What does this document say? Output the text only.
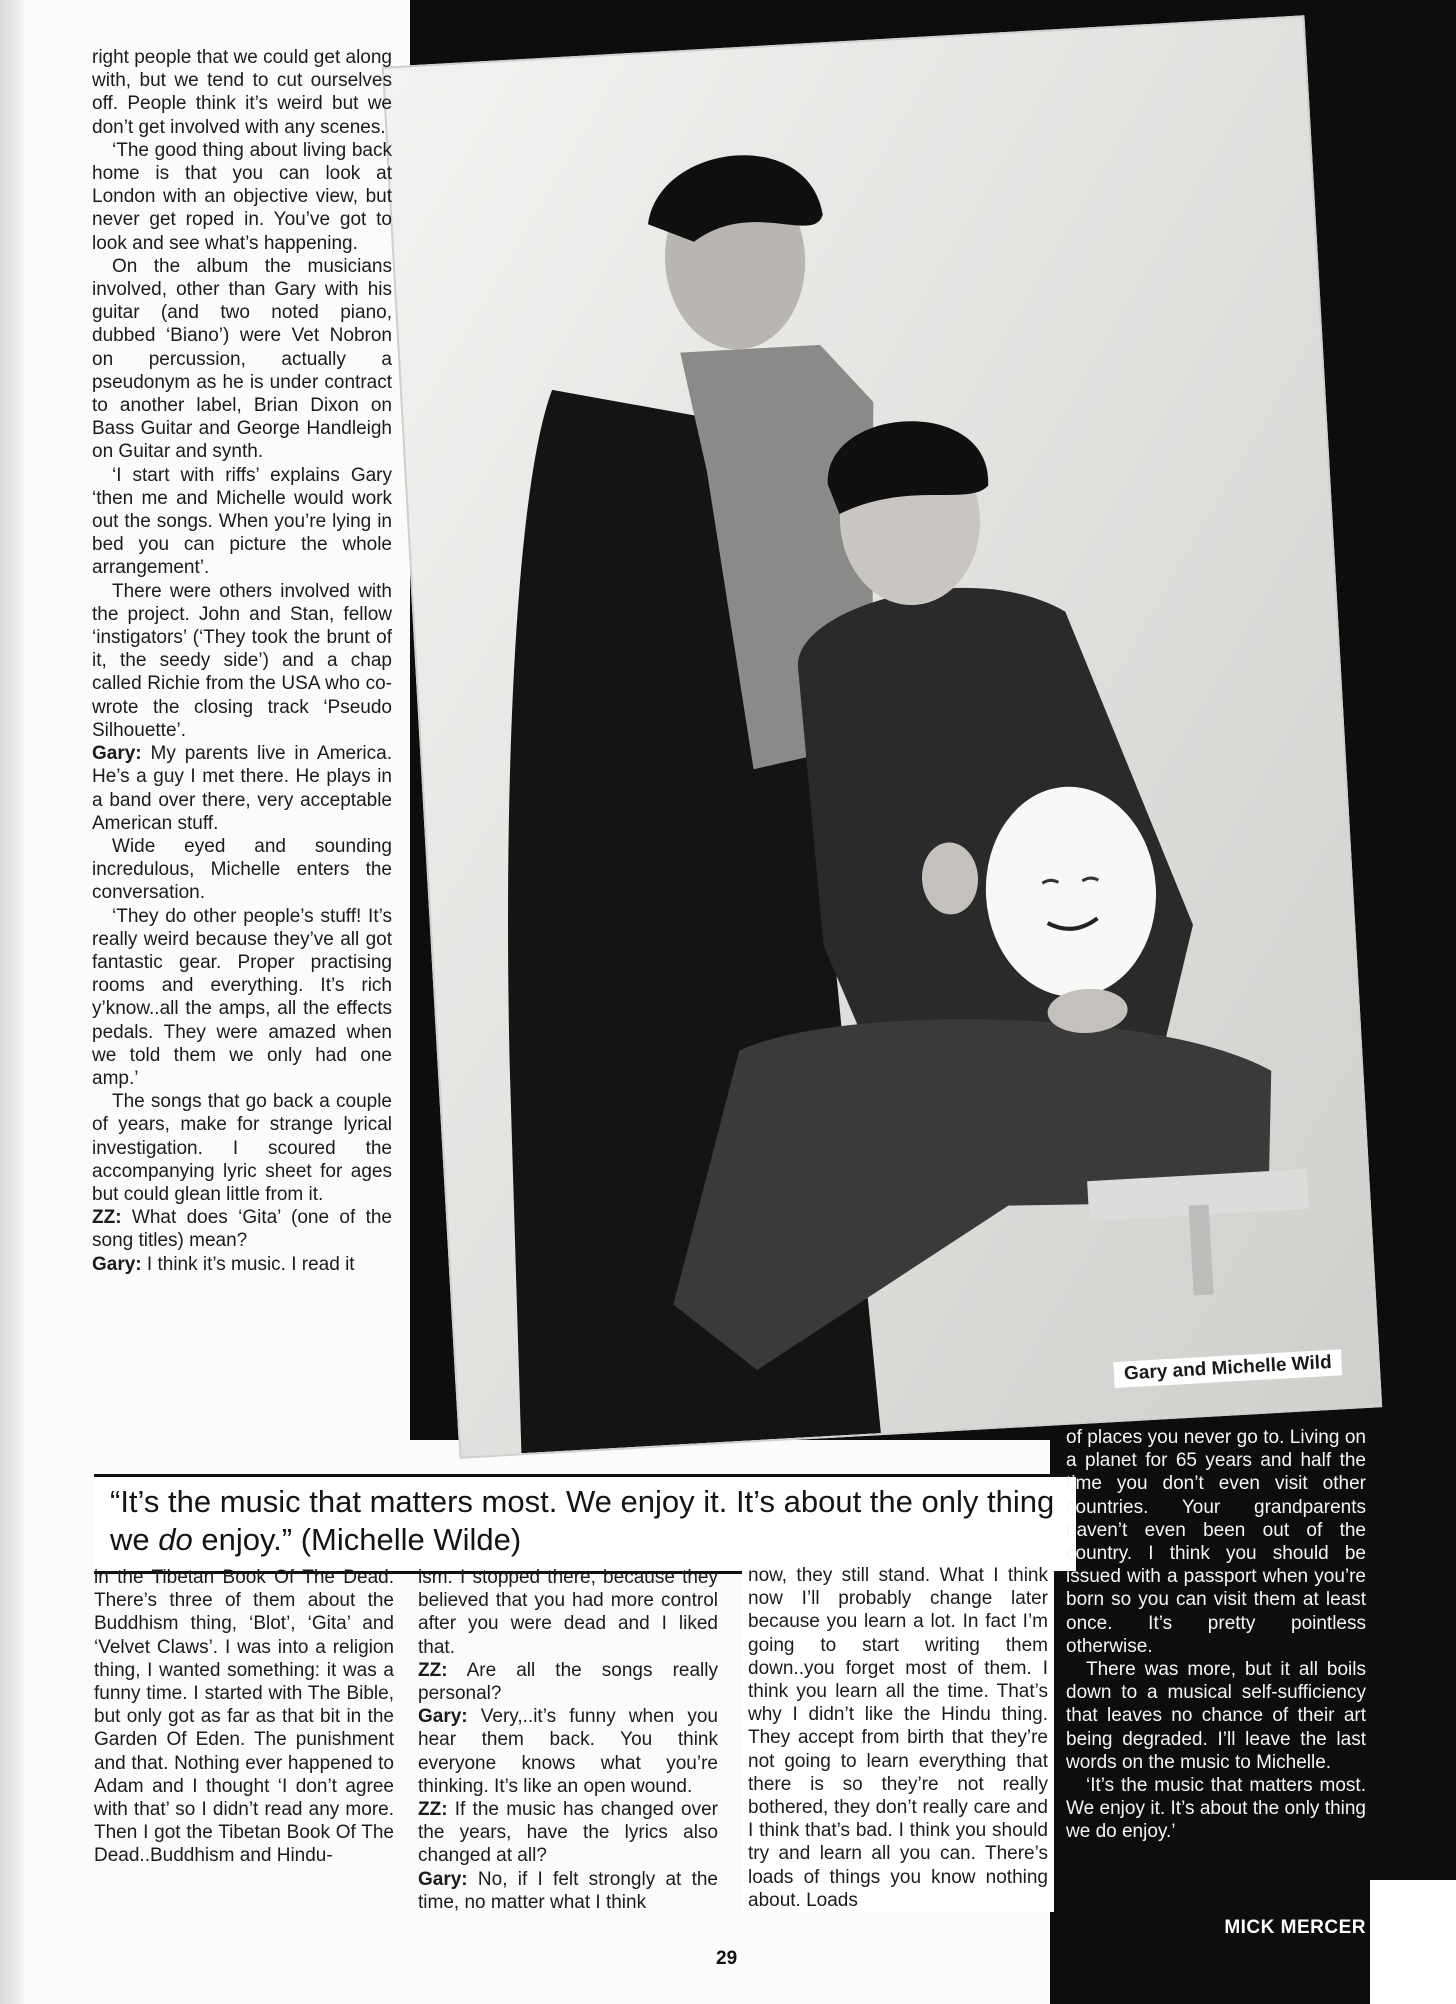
Gary and Michelle Wild

right people that we could get along with, but we tend to cut ourselves off. People think it’s weird but we don’t get involved with any scenes.

‘The good thing about living back home is that you can look at London with an objective view, but never get roped in. You’ve got to look and see what’s happening.

On the album the musicians involved, other than Gary with his guitar (and two noted piano, dubbed ‘Biano’) were Vet Nobron on percussion, actually a pseudonym as he is under contract to another label, Brian Dixon on Bass Guitar and George Handleigh on Guitar and synth.

‘I start with riffs’ explains Gary ‘then me and Michelle would work out the songs. When you’re lying in bed you can picture the whole arrangement’.

There were others involved with the project. John and Stan, fellow ‘instigators’ (‘They took the brunt of it, the seedy side’) and a chap called Richie from the USA who co-wrote the closing track ‘Pseudo Silhouette’.

Gary: My parents live in America. He’s a guy I met there. He plays in a band over there, very acceptable American stuff.

Wide eyed and sounding incredulous, Michelle enters the conversation.

‘They do other people’s stuff! It’s really weird because they’ve all got fantastic gear. Proper practising rooms and everything. It’s rich y’know..all the amps, all the effects pedals. They were amazed when we told them we only had one amp.’

The songs that go back a couple of years, make for strange lyrical investigation. I scoured the accompanying lyric sheet for ages but could glean little from it.

ZZ: What does ‘Gita’ (one of the song titles) mean?

Gary: I think it’s music. I read it

“It’s the music that matters most. We enjoy it. It’s about the only thing we do enjoy.” (Michelle Wilde)

in the Tibetan Book Of The Dead. There’s three of them about the Buddhism thing, ‘Blot’, ‘Gita’ and ‘Velvet Claws’. I was into a religion thing, I wanted something: it was a funny time. I started with The Bible, but only got as far as that bit in the Garden Of Eden. The punishment and that. Nothing ever happened to Adam and I thought ‘I don’t agree with that’ so I didn’t read any more. Then I got the Tibetan Book Of The Dead..Buddhism and Hindu-

ism. I stopped there, because they believed that you had more control after you were dead and I liked that.

ZZ: Are all the songs really personal?

Gary: Very,..it’s funny when you hear them back. You think everyone knows what you’re thinking. It’s like an open wound.

ZZ: If the music has changed over the years, have the lyrics also changed at all?

Gary: No, if I felt strongly at the time, no matter what I think

now, they still stand. What I think now I’ll probably change later because you learn a lot. In fact I’m going to start writing them down..you forget most of them. I think you learn all the time. That’s why I didn’t like the Hindu thing. They accept from birth that they’re not going to learn everything that there is so they’re not really bothered, they don’t really care and I think that’s bad. I think you should try and learn all you can. There’s loads of things you know nothing about. Loads

of places you never go to. Living on a planet for 65 years and half the time you don’t even visit other countries. Your grandparents haven’t even been out of the country. I think you should be issued with a passport when you’re born so you can visit them at least once. It’s pretty pointless otherwise.

There was more, but it all boils down to a musical self-sufficiency that leaves no chance of their art being degraded. I’ll leave the last words on the music to Michelle.

‘It’s the music that matters most. We enjoy it. It’s about the only thing we do enjoy.’

MICK MERCER
29
